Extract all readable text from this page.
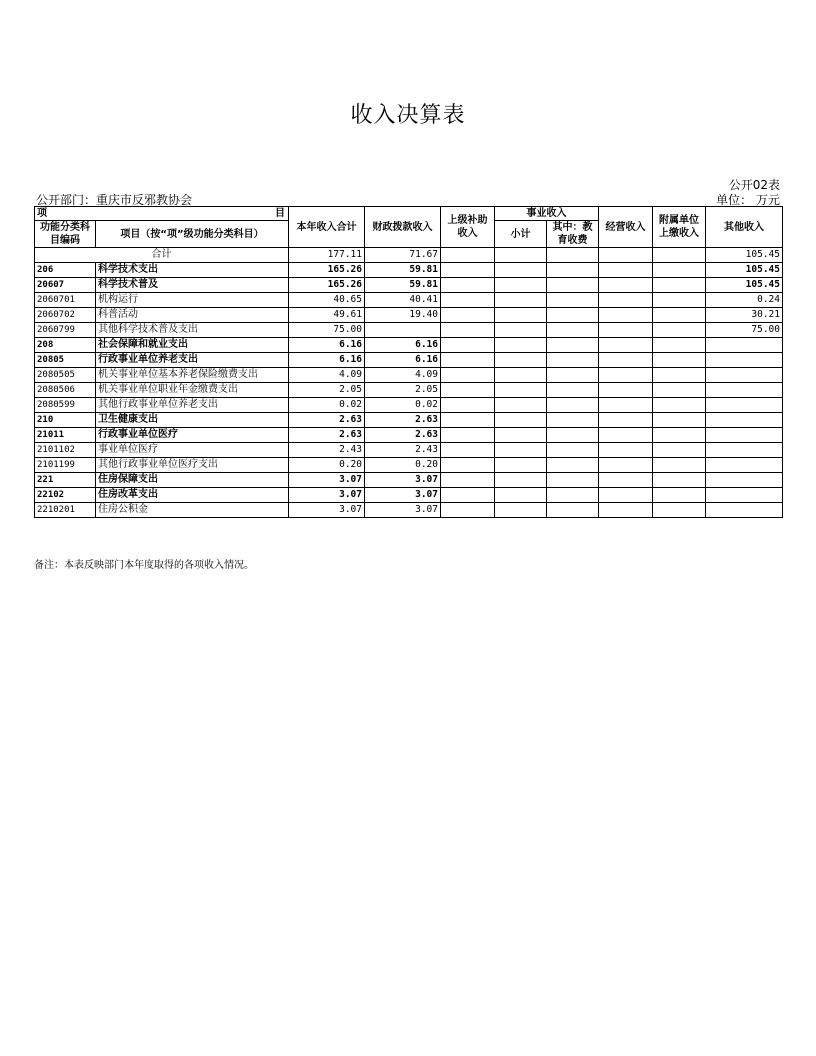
收入决算表
公开02表
公开部门：重庆市反邪教协会	单位： 万元
项 目		本年收入合计	财政拨款收入	上级补助收入	事业收入		经营收入	附属单位上缴收入	其他收入
功能分类科目编码	项目（按“项”级功能分类科目）								
					小计	其中：教育收费			
合计		177.11	71.67						105.45
206	科学技术支出	165.26	59.81						105.45
20607	科学技术普及	165.26	59.81						105.45
2060701	机构运行	40.65	40.41						0.24
2060702	科普活动	49.61	19.40						30.21
2060799	其他科学技术普及支出	75.00							75.00
208	社会保障和就业支出	6.16	6.16						
20805	行政事业单位养老支出	6.16	6.16						
2080505	机关事业单位基本养老保险缴费支出	4.09	4.09						
2080506	机关事业单位职业年金缴费支出	2.05	2.05						
2080599	其他行政事业单位养老支出	0.02	0.02						
210	卫生健康支出	2.63	2.63						
21011	行政事业单位医疗	2.63	2.63						
2101102	事业单位医疗	2.43	2.43						
2101199	其他行政事业单位医疗支出	0.20	0.20						
221	住房保障支出	3.07	3.07						
22102	住房改革支出	3.07	3.07						
2210201	住房公积金	3.07	3.07						
备注：本表反映部门本年度取得的各项收入情况。
